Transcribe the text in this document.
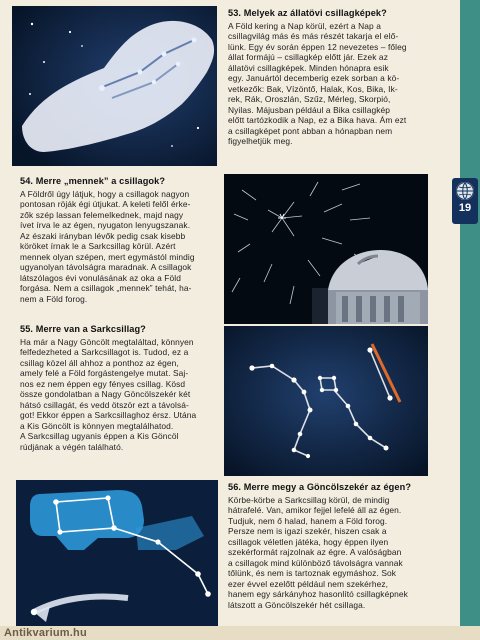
19
53. Melyek az állatövi csillagképek?

A Föld kering a Nap körül, ezért a Nap a

csillagvilág más és más részét takarja el elő-

lünk. Egy év során éppen 12 nevezetes – főleg

állat formájú – csillagkép előtt jár. Ezek az

állatövi csillagképek. Minden hónapra esik

egy. Januártól decemberig ezek sorban a kö-

vetkezők: Bak, Vízöntő, Halak, Kos, Bika, Ik-

rek, Rák, Oroszlán, Szűz, Mérleg, Skorpió,

Nyilas. Májusban például a Bika csillagkép

előtt tartózkodik a Nap, ez a Bika hava. Ám ezt

a csillagképet pont abban a hónapban nem

figyelhetjük meg.

54. Merre „mennek” a csillagok?

A Földről úgy látjuk, hogy a csillagok nagyon

pontosan röják égi útjukat. A keleti felől érke-

zők szép lassan felemelkednek, majd nagy

ívet írva le az égen, nyugaton lenyugszanak.

Az északi irányban lévők pedig csak kisebb

köröket írnak le a Sarkcsillag körül. Azért

mennek olyan szépen, mert egymástól mindig

ugyanolyan távolságra maradnak. A csillagok

látszólagos évi vonulásának az oka a Föld

forgása. Nem a csillagok „mennek” tehát, ha-

nem a Föld forog.

55. Merre van a Sarkcsillag?

Ha már a Nagy Göncölt megtaláltad, könnyen

felfedezheted a Sarkcsillagot is. Tudod, ez a

csillag közel áll ahhoz a ponthoz az égen,

amely felé a Föld forgástengelye mutat. Saj-

nos ez nem éppen egy fényes csillag. Kösd

össze gondolatban a Nagy Göncölszekér két

hátsó csillagát, és vedd ötször ezt a távolsá-

got! Ekkor éppen a Sarkcsillaghoz érsz. Utána

a Kis Göncölt is könnyen megtalálhatod.

A Sarkcsillag ugyanis éppen a Kis Göncöl

rúdjának a végén található.

56. Merre megy a Göncölszekér az égen?

Körbe-körbe a Sarkcsillag körül, de mindig

hátrafelé. Van, amikor fejjel lefelé áll az égen.

Tudjuk, nem ő halad, hanem a Föld forog.

Persze nem is igazi szekér, hiszen csak a

csillagok véletlen játéka, hogy éppen ilyen

szekérformát rajzolnak az égre. A valóságban

a csillagok mind különböző távolságra vannak

tőlünk, és nem is tartoznak egymáshoz. Sok

ezer évvel ezelőtt például nem szekérhez,

hanem egy sárkányhoz hasonlító csillagképnek

látszott a Göncölszekér hét csillaga.

Antikvarium.hu
